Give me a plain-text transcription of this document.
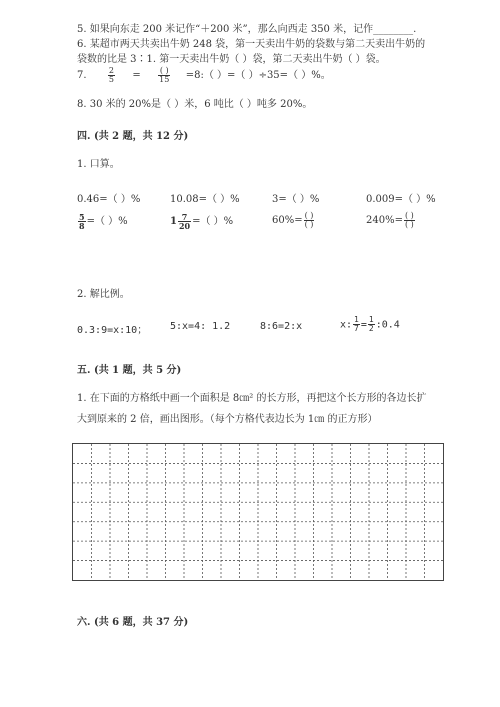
5. 如果向东走 200 米记作“＋200 米”，那么向西走 350 米，记作________.
6. 某超市两天共卖出牛奶 248 袋，第一天卖出牛奶的袋数与第二天卖出牛奶的
袋数的比是 3∶1. 第一天卖出牛奶（ ）袋，第二天卖出牛奶（ ）袋。
7.	$\frac{2}{5} = \frac{( )}{15}$ =8:（ ）=（ ）÷35=（ ）%。
8. 30 米的 20%是（ ）米，6 吨比（ ）吨多 20%。
四. (共 2 题，共 12 分)
1. 口算。
0.46=（ ）%	10.08=（ ）%	3=（ ）%	0.009=（ ）%
$\frac{5}{8}$ =（ ）%	$1 \frac{7}{20}$ =（ ）%	$60\%= \frac{( )}{( )}$	$240\%= \frac{( )}{( )}$
2. 解比例。
0.3:9=x:10； 5:x=4: 1.2	8:6=2:x	x: $\frac{1}{7} = \frac{1}{2}$ :0.4
五. (共 1 题，共 5 分)
1. 在下面的方格纸中画一个面积是 8㎝² 的长方形，再把这个长方形的各边长扩
大到原来的 2 倍，画出图形。（每个方格代表边长为 1㎝ 的正方形）
六. (共 6 题，共 37 分)
